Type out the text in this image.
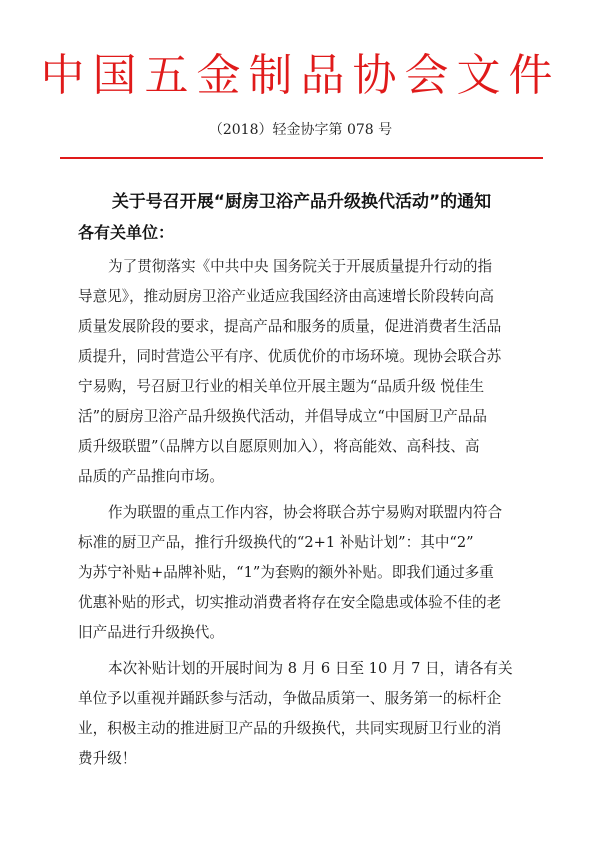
中国五金制品协会文件
（2018）轻金协字第 078 号
关于号召开展“厨房卫浴产品升级换代活动”的通知
各有关单位：
为了贯彻落实《中共中央 国务院关于开展质量提升行动的指
导意见》，推动厨房卫浴产业适应我国经济由高速增长阶段转向高
质量发展阶段的要求，提高产品和服务的质量，促进消费者生活品
质提升，同时营造公平有序、优质优价的市场环境。现协会联合苏
宁易购，号召厨卫行业的相关单位开展主题为“品质升级 悦佳生
活”的厨房卫浴产品升级换代活动，并倡导成立“中国厨卫产品品
质升级联盟”（品牌方以自愿原则加入），将高能效、高科技、高
品质的产品推向市场。
作为联盟的重点工作内容，协会将联合苏宁易购对联盟内符合
标准的厨卫产品，推行升级换代的“2+1 补贴计划”：其中“2”
为苏宁补贴+品牌补贴，“1”为套购的额外补贴。即我们通过多重
优惠补贴的形式，切实推动消费者将存在安全隐患或体验不佳的老
旧产品进行升级换代。
本次补贴计划的开展时间为 8 月 6 日至 10 月 7 日，请各有关
单位予以重视并踊跃参与活动，争做品质第一、服务第一的标杆企
业，积极主动的推进厨卫产品的升级换代，共同实现厨卫行业的消
费升级！
